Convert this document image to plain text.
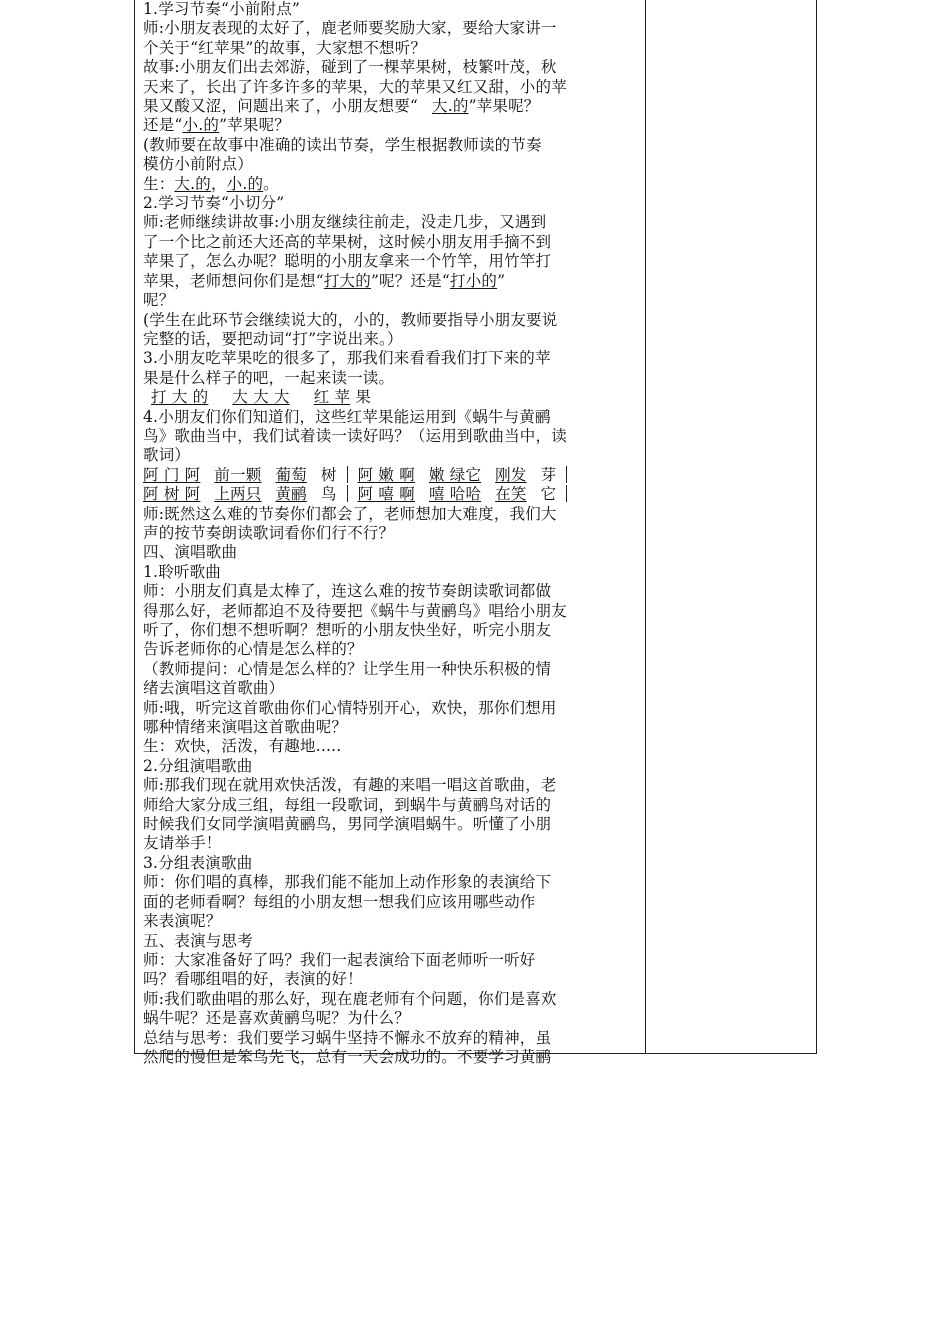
1.学习节奏“小前附点”
师:小朋友表现的太好了，鹿老师要奖励大家，要给大家讲一
个关于“红苹果”的故事，大家想不想听？
故事:小朋友们出去郊游，碰到了一棵苹果树，枝繁叶茂，秋
天来了，长出了许多许多的苹果，大的苹果又红又甜，小的苹
果又酸又涩，问题出来了，小朋友想要“ 大.的”苹果呢？
还是“小.的”苹果呢？
(教师要在故事中准确的读出节奏，学生根据教师读的节奏
模仿小前附点）
生：大.的，小.的。
2.学习节奏“小切分”
师:老师继续讲故事:小朋友继续往前走，没走几步，又遇到
了一个比之前还大还高的苹果树，这时候小朋友用手摘不到
苹果了，怎么办呢？聪明的小朋友拿来一个竹竿，用竹竿打
苹果，老师想问你们是想“打大的”呢？还是“打小的”
呢？
(学生在此环节会继续说大的，小的，教师要指导小朋友要说
完整的话，要把动词“打”字说出来。）
3.小朋友吃苹果吃的很多了，那我们来看看我们打下来的苹
果是什么样子的吧，一起来读一读。
打 大 的 大 大 大 红 苹 果
4.小朋友们你们知道们，这些红苹果能运用到《蜗牛与黄鹂
鸟》歌曲当中，我们试着读一读好吗？（运用到歌曲当中，读
歌词）
阿 门 阿 前一颗 葡萄 树 阿 嫩 啊 嫩 绿它 刚发 芽
阿 树 阿 上两只 黄鹂 鸟 阿 嘻 啊 嘻 哈哈 在笑 它
师:既然这么难的节奏你们都会了，老师想加大难度，我们大
声的按节奏朗读歌词看你们行不行？
四、演唱歌曲
1.聆听歌曲
师：小朋友们真是太棒了，连这么难的按节奏朗读歌词都做
得那么好，老师都迫不及待要把《蜗牛与黄鹂鸟》唱给小朋友
听了，你们想不想听啊？想听的小朋友快坐好，听完小朋友
告诉老师你的心情是怎么样的？
（教师提问：心情是怎么样的？让学生用一种快乐积极的情
绪去演唱这首歌曲）
师:哦，听完这首歌曲你们心情特别开心，欢快，那你们想用
哪种情绪来演唱这首歌曲呢？
生：欢快，活泼，有趣地.....
2.分组演唱歌曲
师:那我们现在就用欢快活泼，有趣的来唱一唱这首歌曲，老
师给大家分成三组，每组一段歌词，到蜗牛与黄鹂鸟对话的
时候我们女同学演唱黄鹂鸟，男同学演唱蜗牛。听懂了小朋
友请举手！
3.分组表演歌曲
师：你们唱的真棒，那我们能不能加上动作形象的表演给下
面的老师看啊？每组的小朋友想一想我们应该用哪些动作
来表演呢？
五、表演与思考
师：大家准备好了吗？我们一起表演给下面老师听一听好
吗？看哪组唱的好，表演的好！
师:我们歌曲唱的那么好，现在鹿老师有个问题，你们是喜欢
蜗牛呢？还是喜欢黄鹂鸟呢？为什么？
总结与思考：我们要学习蜗牛坚持不懈永不放弃的精神，虽
然爬的慢但是笨鸟先飞，总有一天会成功的。不要学习黄鹂
